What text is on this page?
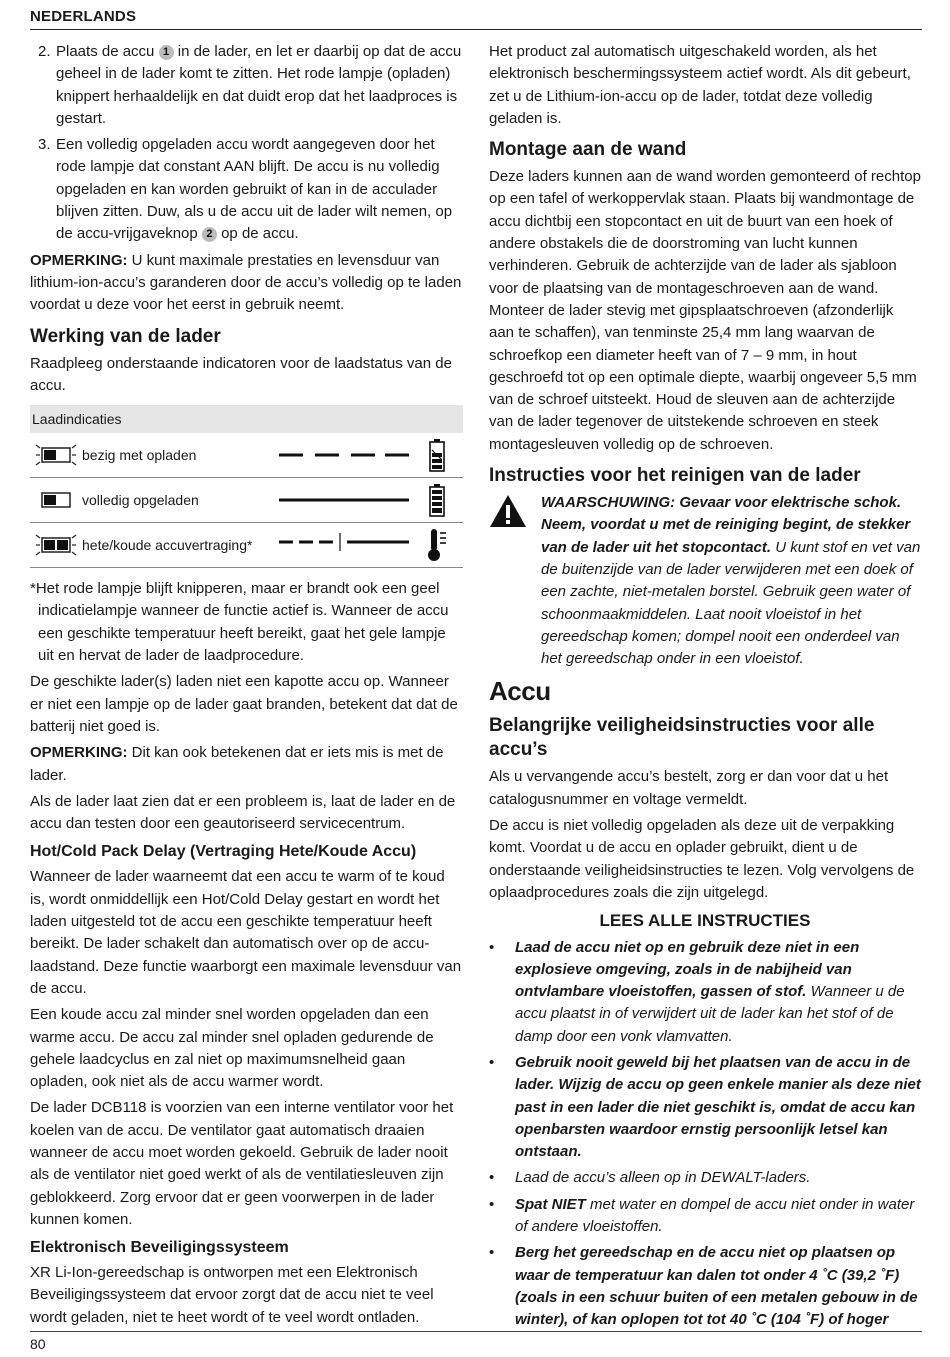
NEDERLANDS
2. Plaats de accu 1 in de lader, en let er daarbij op dat de accu geheel in de lader komt te zitten. Het rode lampje (opladen) knippert herhaaldelijk en dat duidt erop dat het laadproces is gestart.
3. Een volledig opgeladen accu wordt aangegeven door het rode lampje dat constant AAN blijft. De accu is nu volledig opgeladen en kan worden gebruikt of kan in de acculader blijven zitten. Duw, als u de accu uit de lader wilt nemen, op de accu-vrijgaveknop 2 op de accu.

OPMERKING: U kunt maximale prestaties en levensduur van lithium-ion-accu’s garanderen door de accu’s volledig op te laden voordat u deze voor het eerst in gebruik neemt.

Werking van de lader

Raadpleeg onderstaande indicatoren voor de laadstatus van de accu.

Laadindicaties
bezig met opladen
volledig opgeladen
hete/koude accuvertraging*

*Het rode lampje blijft knipperen, maar er brandt ook een geel indicatielampje wanneer de functie actief is. Wanneer de accu een geschikte temperatuur heeft bereikt, gaat het gele lampje uit en hervat de lader de laadprocedure.

De geschikte lader(s) laden niet een kapotte accu op. Wanneer er niet een lampje op de lader gaat branden, betekent dat dat de batterij niet goed is.

OPMERKING: Dit kan ook betekenen dat er iets mis is met de lader.

Als de lader laat zien dat er een probleem is, laat de lader en de accu dan testen door een geautoriseerd servicecentrum.

Hot/Cold Pack Delay (Vertraging Hete/Koude Accu)

Wanneer de lader waarneemt dat een accu te warm of te koud is, wordt onmiddellijk een Hot/Cold Delay gestart en wordt het laden uitgesteld tot de accu een geschikte temperatuur heeft bereikt. De lader schakelt dan automatisch over op de accu-laadstand. Deze functie waarborgt een maximale levensduur van de accu.

Een koude accu zal minder snel worden opgeladen dan een warme accu. De accu zal minder snel opladen gedurende de gehele laadcyclus en zal niet op maximumsnelheid gaan opladen, ook niet als de accu warmer wordt.

De lader DCB118 is voorzien van een interne ventilator voor het koelen van de accu. De ventilator gaat automatisch draaien wanneer de accu moet worden gekoeld. Gebruik de lader nooit als de ventilator niet goed werkt of als de ventilatiesleuven zijn geblokkeerd. Zorg ervoor dat er geen voorwerpen in de lader kunnen komen.

Elektronisch Beveiligingssysteem

XR Li-Ion-gereedschap is ontworpen met een Elektronisch Beveiligingssysteem dat ervoor zorgt dat de accu niet te veel wordt geladen, niet te heet wordt of te veel wordt ontladen.

Het product zal automatisch uitgeschakeld worden, als het elektronisch beschermingssysteem actief wordt. Als dit gebeurt, zet u de Lithium-ion-accu op de lader, totdat deze volledig geladen is.

Montage aan de wand

Deze laders kunnen aan de wand worden gemonteerd of rechtop op een tafel of werkoppervlak staan. Plaats bij wandmontage de accu dichtbij een stopcontact en uit de buurt van een hoek of andere obstakels die de doorstroming van lucht kunnen verhinderen. Gebruik de achterzijde van de lader als sjabloon voor de plaatsing van de montageschroeven aan de wand. Monteer de lader stevig met gipsplaatschroeven (afzonderlijk aan te schaffen), van tenminste 25,4 mm lang waarvan de schroefkop een diameter heeft van of 7 – 9 mm, in hout geschroefd tot op een optimale diepte, waarbij ongeveer 5,5 mm van de schroef uitsteekt. Houd de sleuven aan de achterzijde van de lader tegenover de uitstekende schroeven en steek montagesleuven volledig op de schroeven.

Instructies voor het reinigen van de lader
WAARSCHUWING: Gevaar voor elektrische schok. Neem, voordat u met de reiniging begint, de stekker van de lader uit het stopcontact. U kunt stof en vet van de buitenzijde van de lader verwijderen met een doek of een zachte, niet-metalen borstel. Gebruik geen water of schoonmaakmiddelen. Laat nooit vloeistof in het gereedschap komen; dompel nooit een onderdeel van het gereedschap onder in een vloeistof.
Accu
Belangrijke veiligheidsinstructies voor alle accu’s

Als u vervangende accu’s bestelt, zorg er dan voor dat u het catalogusnummer en voltage vermeldt.

De accu is niet volledig opgeladen als deze uit de verpakking komt. Voordat u de accu en oplader gebruikt, dient u de onderstaande veiligheidsinstructies te lezen. Volg vervolgens de oplaadprocedures zoals die zijn uitgelegd.

LEES ALLE INSTRUCTIES
•	Laad de accu niet op en gebruik deze niet in een explosieve omgeving, zoals in de nabijheid van ontvlambare vloeistoffen, gassen of stof. Wanneer u de accu plaatst in of verwijdert uit de lader kan het stof of de damp door een vonk vlamvatten.
•	Gebruik nooit geweld bij het plaatsen van de accu in de lader. Wijzig de accu op geen enkele manier als deze niet past in een lader die niet geschikt is, omdat de accu kan openbarsten waardoor ernstig persoonlijk letsel kan ontstaan.
•	Laad de accu’s alleen op in DEWALT-laders.
•	Spat NIET met water en dompel de accu niet onder in water of andere vloeistoffen.
•	Berg het gereedschap en de accu niet op plaatsen op waar de temperatuur kan dalen tot onder 4 ˚C (39,2 ˚F) (zoals in een schuur buiten of een metalen gebouw in de winter), of kan oplopen tot tot 40 ˚C (104 ˚F) of hoger
80
